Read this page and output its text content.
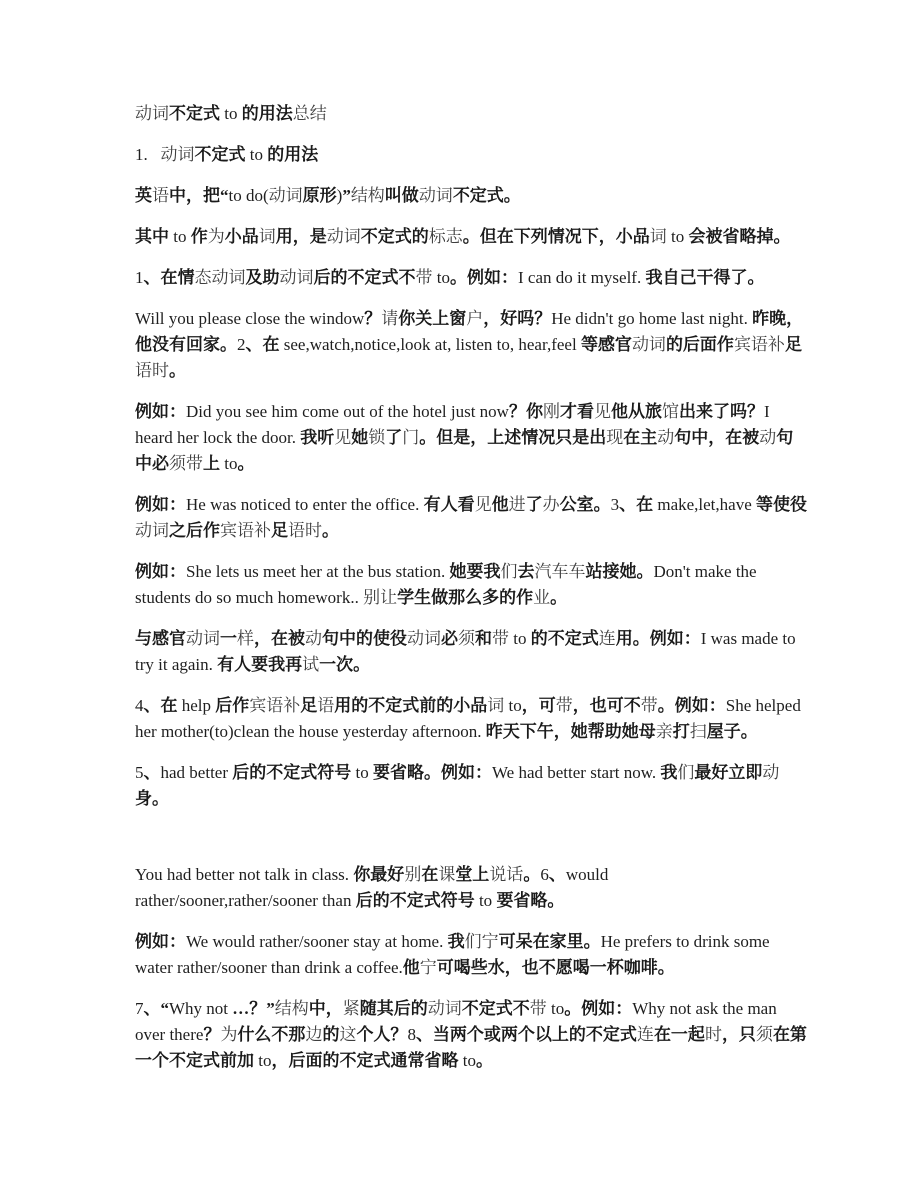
动词不定式 to 的用法总结

1.   动词不定式 to 的用法

英语中，把“to do(动词原形)”结构叫做动词不定式。

其中 to 作为小品词用，是动词不定式的标志。但在下列情况下，小品词 to 会被省略掉。

1、在情态动词及助动词后的不定式不带 to。例如：I can do it myself. 我自己干得了。

Will you please close the window？请你关上窗户，好吗？He didn't go home last night. 昨晚，他没有回家。2、在 see,watch,notice,look at, listen to, hear,feel 等感官动词的后面作宾语补足语时。

例如：Did you see him come out of the hotel just now？你刚才看见他从旅馆出来了吗？I heard her lock the door. 我听见她锁了门。但是，上述情况只是出现在主动句中，在被动句中必须带上 to。

例如：He was noticed to enter the office. 有人看见他进了办公室。3、在 make,let,have 等使役动词之后作宾语补足语时。

例如：She lets us meet her at the bus station. 她要我们去汽车车站接她。Don't make the students do so much homework.. 别让学生做那么多的作业。

与感官动词一样，在被动句中的使役动词必须和带 to 的不定式连用。例如：I was made to try it again. 有人要我再试一次。

4、在 help 后作宾语补足语用的不定式前的小品词 to，可带，也可不带。例如：She helped her mother(to)clean the house yesterday afternoon. 昨天下午，她帮助她母亲打扫屋子。

5、had better 后的不定式符号 to 要省略。例如：We had better start now. 我们最好立即动身。

You had better not talk in class. 你最好别在课堂上说话。6、would
rather/sooner,rather/sooner than 后的不定式符号 to 要省略。

例如：We would rather/sooner stay at home. 我们宁可呆在家里。He prefers to drink some water rather/sooner than drink a coffee.他宁可喝些水，也不愿喝一杯咖啡。

7、“Why not …？”结构中，紧随其后的动词不定式不带 to。例如：Why not ask the man over there？为什么不那边的这个人？8、当两个或两个以上的不定式连在一起时，只须在第一个不定式前加 to，后面的不定式通常省略 to。
